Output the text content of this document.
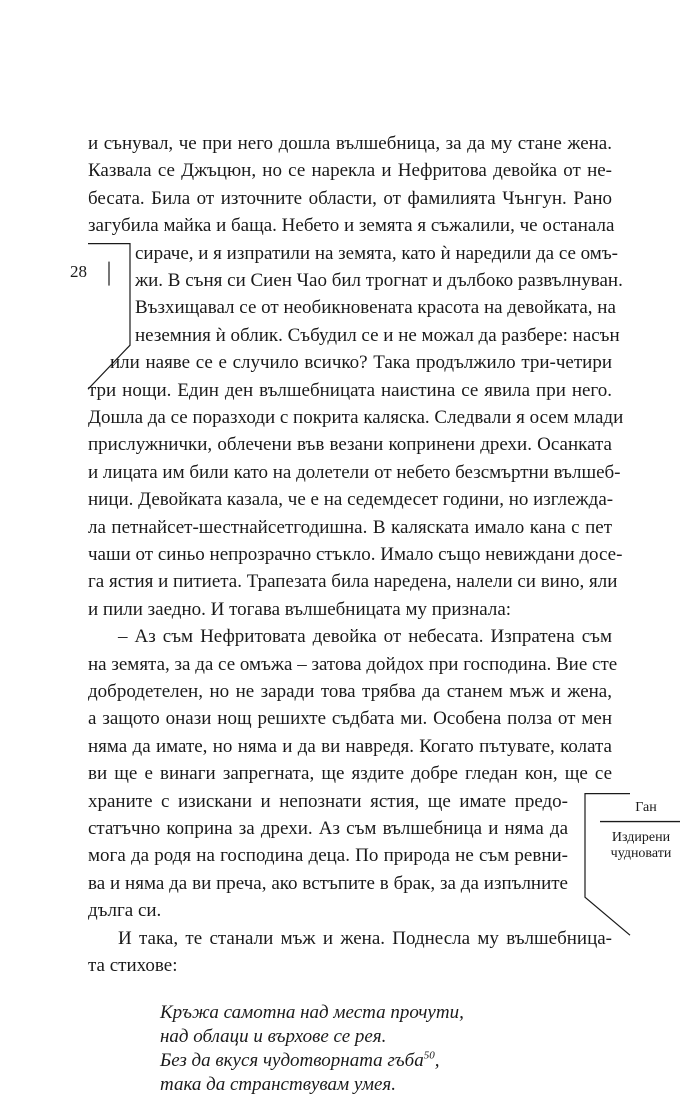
28
Ган
Издирени
чудновати
и сънувал, че при него дошла вълшебница, за да му стане жена.
Казвала се Джъцюн, но се нарекла и Нефритова девойка от не-
бесата. Била от източните области, от фамилията Чънгун. Рано
загубила майка и баща. Небето и земята я съжалили, че останала
сираче, и я изпратили на земята, като ѝ наредили да се омъ-
жи. В съня си Сиен Чао бил трогнат и дълбоко развълнуван.
Възхищавал се от необикновената красота на девойката, на
неземния ѝ облик. Събудил се и не можал да разбере: насън
или наяве се е случило всичко? Така продължило три-четири
три нощи. Един ден вълшебницата наистина се явила при него.
Дошла да се поразходи с покрита каляска. Следвали я осем млади
прислужнички, облечени във везани копринени дрехи. Осанката
и лицата им били като на долетели от небето безсмъртни вълшеб-
ници. Девойката казала, че е на седемдесет години, но изглежда-
ла петнайсет-шестнайсетгодишна. В каляската имало кана с пет
чаши от синьо непрозрачно стъкло. Имало също невиждани досе-
га ястия и питиета. Трапезата била наредена, налели си вино, яли
и пили заедно. И тогава вълшебницата му признала:
– Аз съм Нефритовата девойка от небесата. Изпратена съм
на земята, за да се омъжа – затова дойдох при господина. Вие сте
добродетелен, но не заради това трябва да станем мъж и жена,
а защото онази нощ решихте съдбата ми. Особена полза от мен
няма да имате, но няма и да ви навредя. Когато пътувате, колата
ви ще е винаги запрегната, ще яздите добре гледан кон, ще се
храните с изискани и непознати ястия, ще имате предо-
статъчно коприна за дрехи. Аз съм вълшебница и няма да
мога да родя на господина деца. По природа не съм ревни-
ва и няма да ви преча, ако встъпите в брак, за да изпълните
дълга си.
И така, те станали мъж и жена. Поднесла му вълшебница-
та стихове:
Кръжа самотна над места прочути,
над облаци и върхове се рея.
Без да вкуся чудотворната гъба$^{50}$,
така да странствувам умея.
